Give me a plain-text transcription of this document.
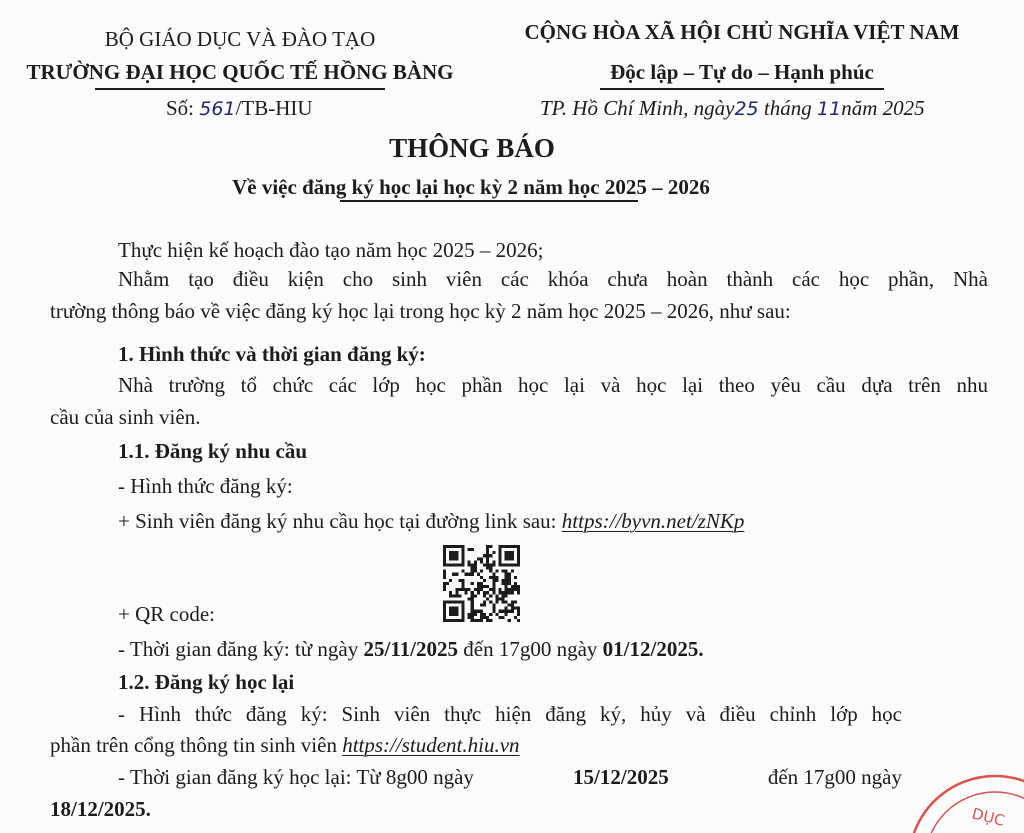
BỘ GIÁO DỤC VÀ ĐÀO TẠO
TRƯỜNG ĐẠI HỌC QUỐC TẾ HỒNG BÀNG
Số: 561/TB-HIU
CỘNG HÒA XÃ HỘI CHỦ NGHĨA VIỆT NAM
Độc lập – Tự do – Hạnh phúc
TP. Hồ Chí Minh, ngày25 tháng 11năm 2025
THÔNG BÁO
Về việc đăng ký học lại học kỳ 2 năm học 2025 – 2026
Thực hiện kế hoạch đào tạo năm học 2025 – 2026;
Nhằm tạo điều kiện cho sinh viên các khóa chưa hoàn thành các học phần, Nhà
trường thông báo về việc đăng ký học lại trong học kỳ 2 năm học 2025 – 2026, như sau:
1. Hình thức và thời gian đăng ký:
Nhà trường tổ chức các lớp học phần học lại và học lại theo yêu cầu dựa trên nhu
cầu của sinh viên.
1.1. Đăng ký nhu cầu
- Hình thức đăng ký:
+ Sinh viên đăng ký nhu cầu học tại đường link sau: https://byvn.net/zNKp
+ QR code:
- Thời gian đăng ký: từ ngày 25/11/2025 đến 17g00 ngày 01/12/2025.
1.2. Đăng ký học lại
- Hình thức đăng ký: Sinh viên thực hiện đăng ký, hủy và điều chỉnh lớp học
phần trên cổng thông tin sinh viên https://student.hiu.vn
- Thời gian đăng ký học lại: Từ 8g00 ngày	15/12/2025	đến 17g00 ngày
18/12/2025.	DỤC
